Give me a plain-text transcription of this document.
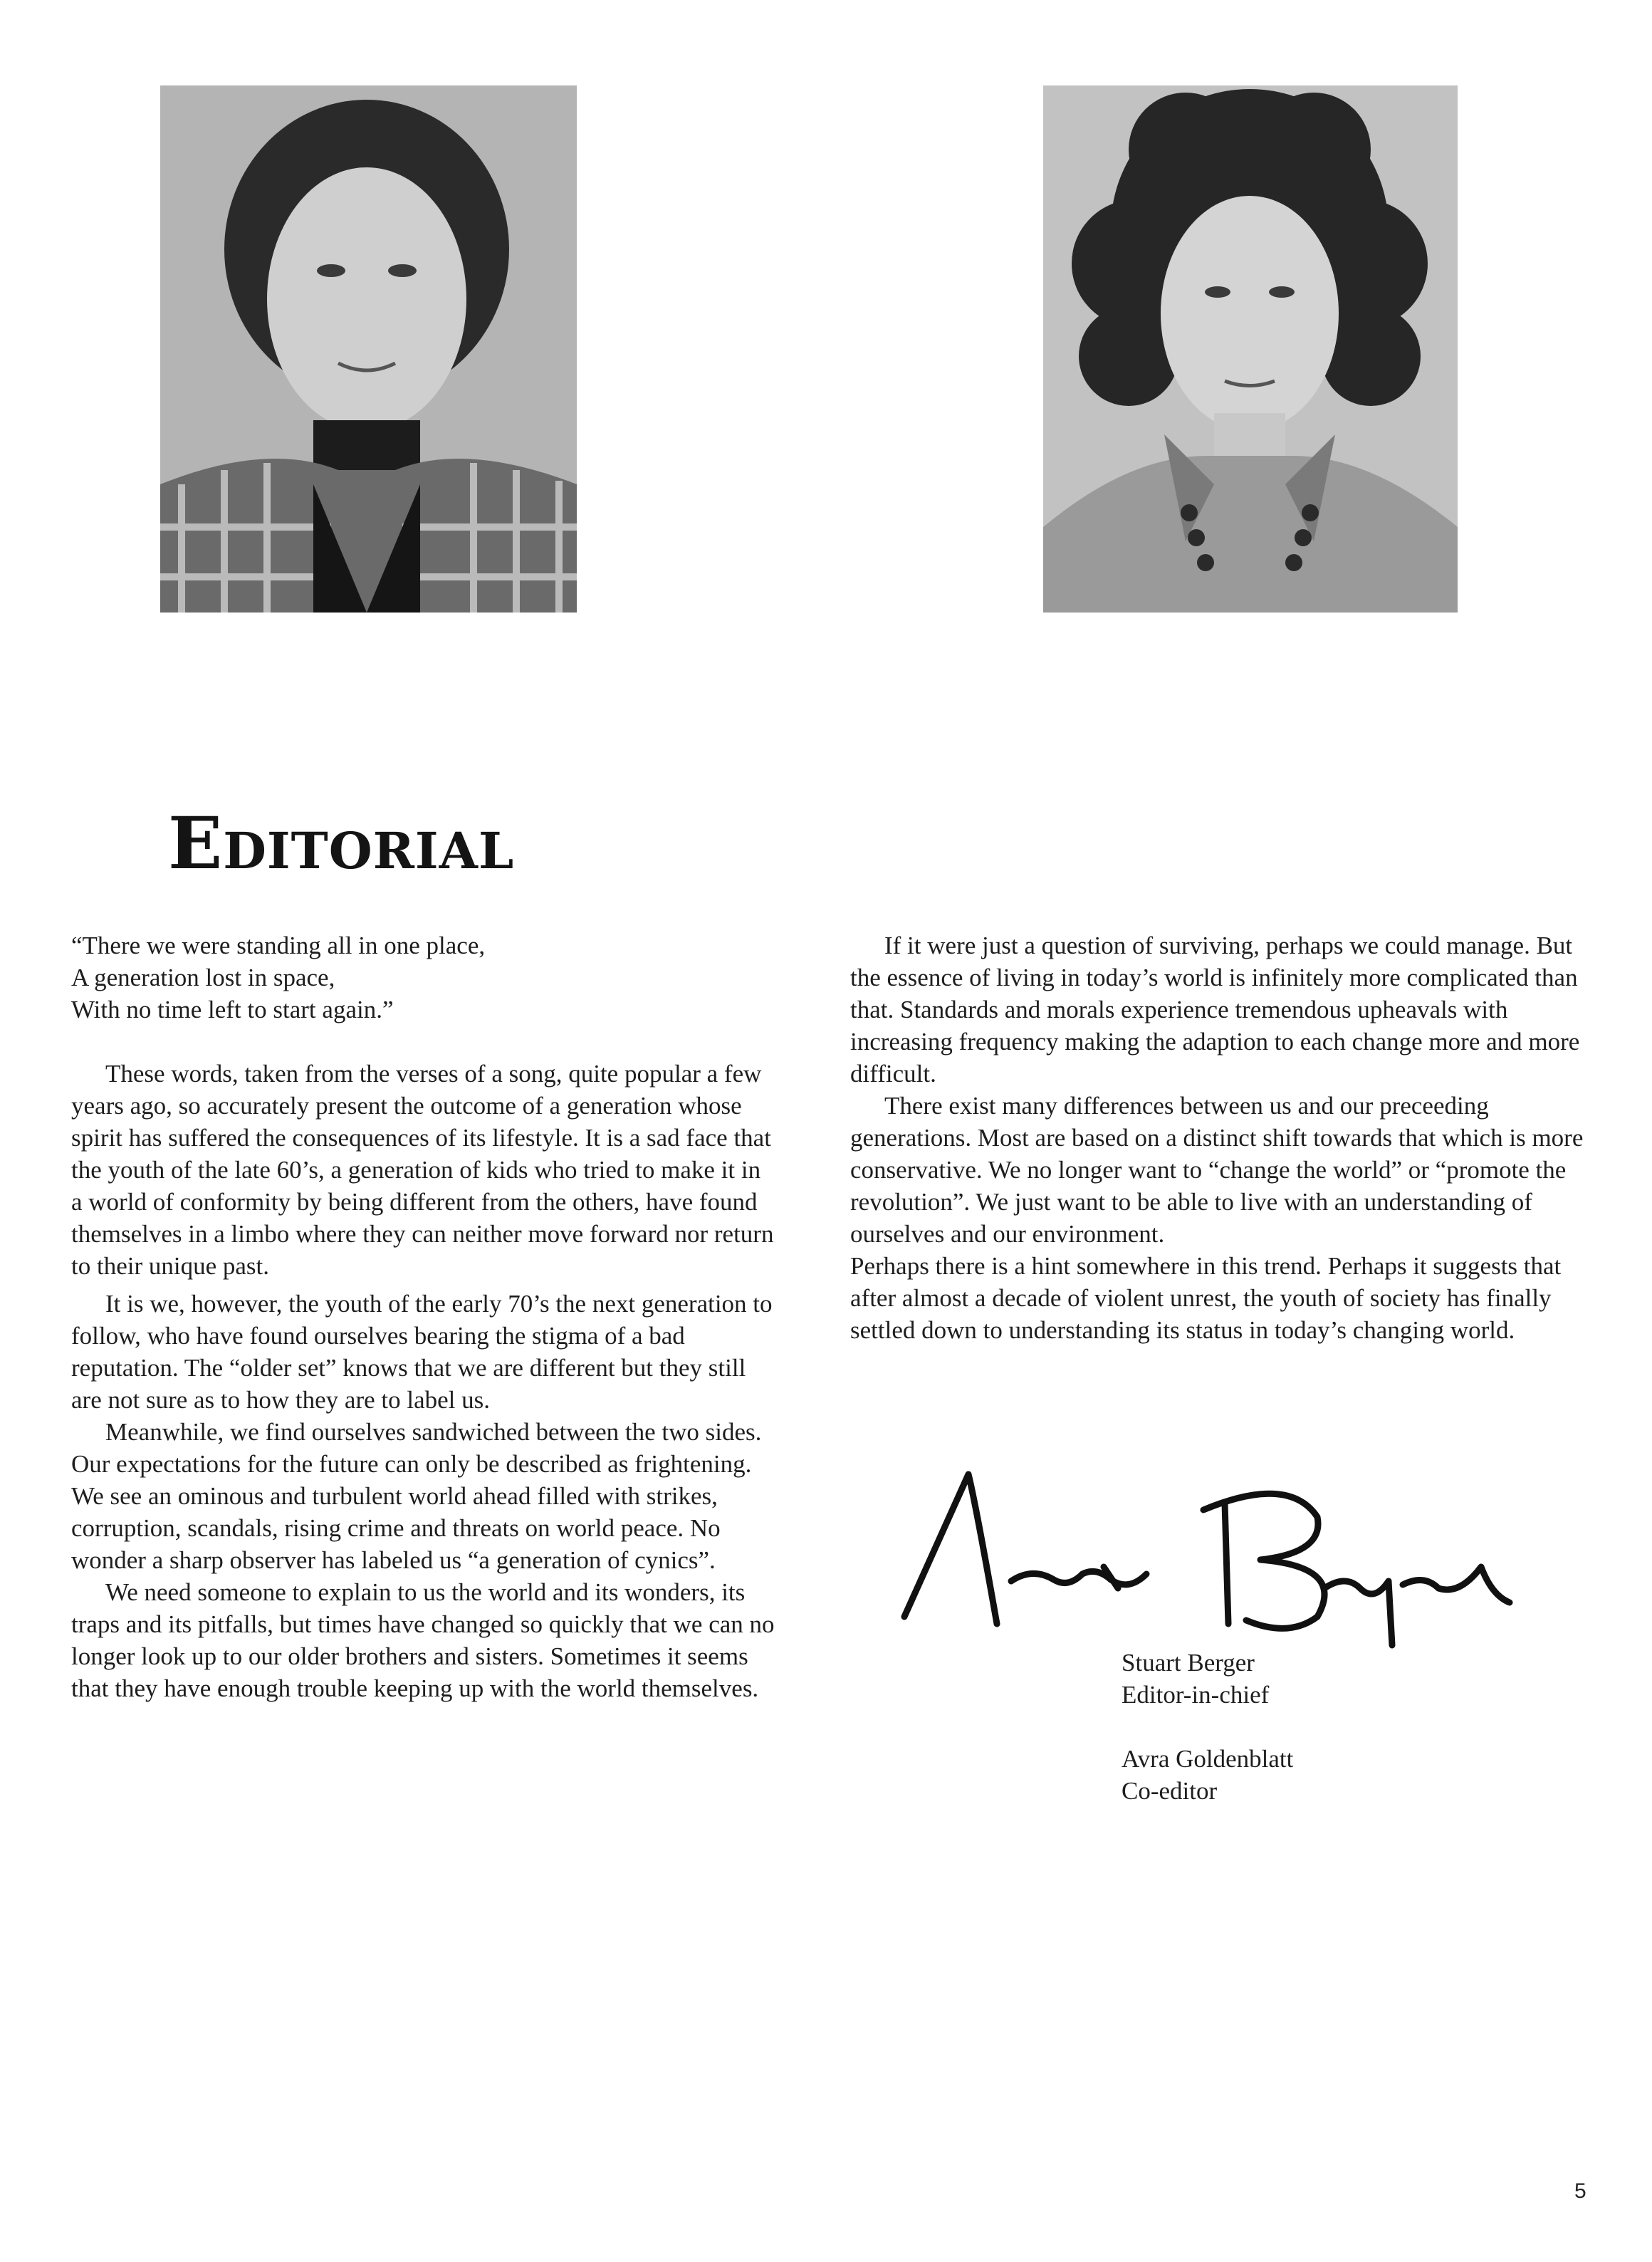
Editorial

“There we were standing all in one place,
A generation lost in space,
With no time left to start again.”

These words, taken from the verses of a song, quite popular a few years ago, so accurately present the outcome of a generation whose spirit has suffered the consequences of its lifestyle. It is a sad face that the youth of the late 60’s, a generation of kids who tried to make it in a world of conformity by being different from the others, have found themselves in a limbo where they can neither move forward nor return to their unique past.

It is we, however, the youth of the early 70’s the next generation to follow, who have found ourselves bearing the stigma of a bad reputation. The “older set” knows that we are different but they still are not sure as to how they are to label us.

Meanwhile, we find ourselves sandwiched between the two sides. Our expectations for the future can only be described as frightening. We see an ominous and turbulent world ahead filled with strikes, corruption, scandals, rising crime and threats on world peace. No wonder a sharp observer has labeled us “a generation of cynics”.

We need someone to explain to us the world and its wonders, its traps and its pitfalls, but times have changed so quickly that we can no longer look up to our older brothers and sisters. Sometimes it seems that they have enough trouble keeping up with the world themselves.

If it were just a question of surviving, perhaps we could manage. But the essence of living in today’s world is infinitely more complicated than that. Standards and morals experience tremendous upheavals with increasing frequency making the adaption to each change more and more difficult.

There exist many differences between us and our preceeding generations. Most are based on a distinct shift towards that which is more conservative. We no longer want to “change the world” or “promote the revolution”. We just want to be able to live with an understanding of ourselves and our environment.

Perhaps there is a hint somewhere in this trend. Perhaps it suggests that after almost a decade of violent unrest, the youth of society has finally settled down to understanding its status in today’s changing world.

Stuart Berger
Editor-in-chief
Avra Goldenblatt
Co-editor
5
